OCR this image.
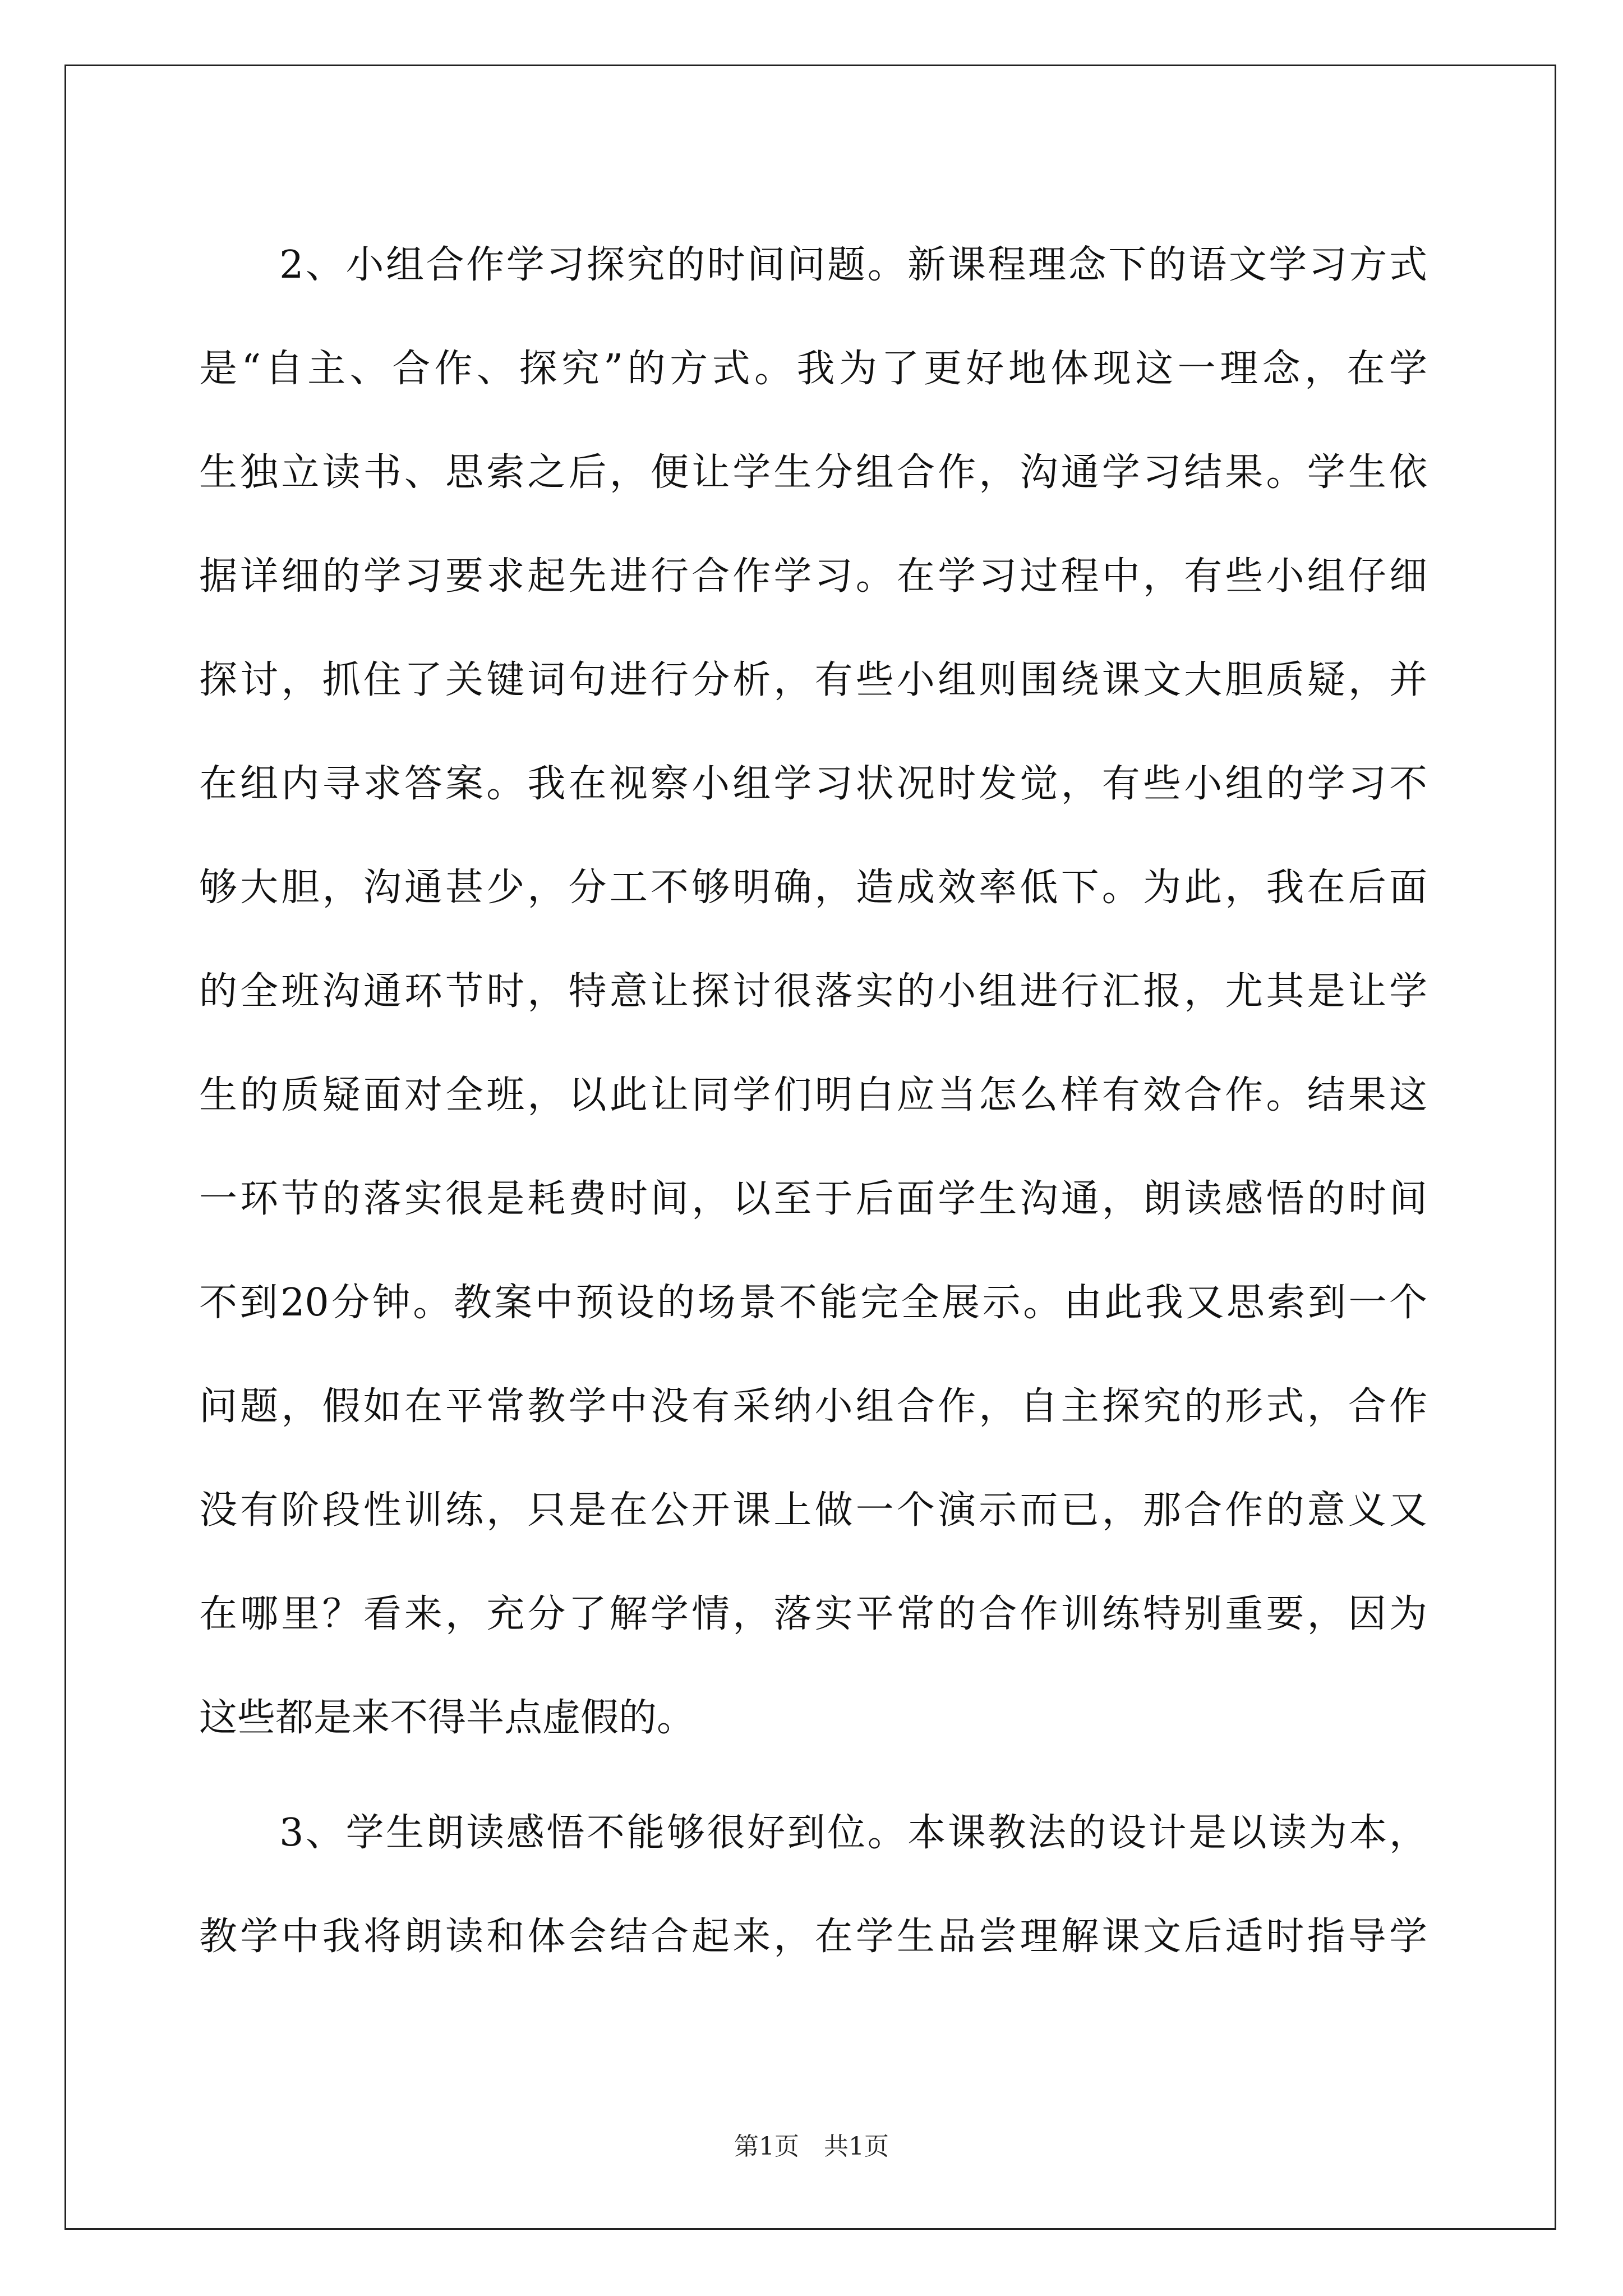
　　2、小组合作学习探究的时间问题。新课程理念下的语文学习方式
是“自主、合作、探究”的方式。我为了更好地体现这一理念，在学
生独立读书、思索之后，便让学生分组合作，沟通学习结果。学生依
据详细的学习要求起先进行合作学习。在学习过程中，有些小组仔细
探讨，抓住了关键词句进行分析，有些小组则围绕课文大胆质疑，并
在组内寻求答案。我在视察小组学习状况时发觉，有些小组的学习不
够大胆，沟通甚少，分工不够明确，造成效率低下。为此，我在后面
的全班沟通环节时，特意让探讨很落实的小组进行汇报，尤其是让学
生的质疑面对全班，以此让同学们明白应当怎么样有效合作。结果这
一环节的落实很是耗费时间，以至于后面学生沟通，朗读感悟的时间
不到20分钟。教案中预设的场景不能完全展示。由此我又思索到一个
问题，假如在平常教学中没有采纳小组合作，自主探究的形式，合作
没有阶段性训练，只是在公开课上做一个演示而已，那合作的意义又
在哪里？看来，充分了解学情，落实平常的合作训练特别重要，因为
这些都是来不得半点虚假的。
　　3、学生朗读感悟不能够很好到位。本课教法的设计是以读为本，
教学中我将朗读和体会结合起来，在学生品尝理解课文后适时指导学
第1页　共1页
